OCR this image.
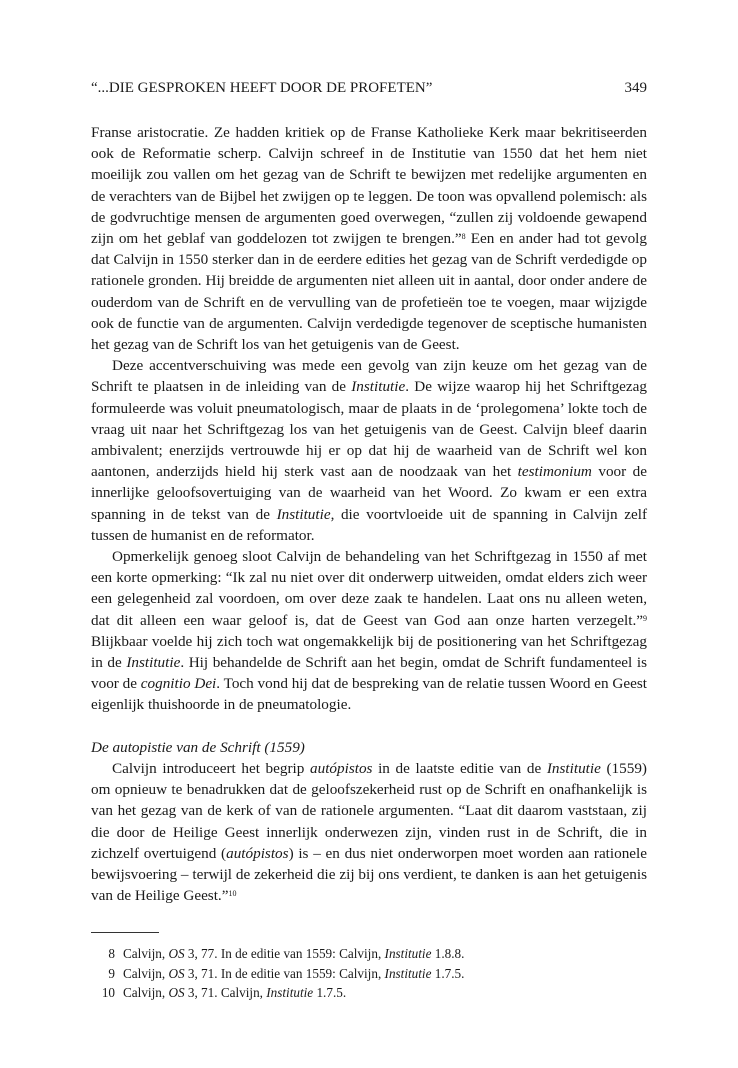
“...DIE GESPROKEN HEEFT DOOR DE PROFETEN”	349

Franse aristocratie. Ze hadden kritiek op de Franse Katholieke Kerk maar bekritiseerden ook de Reformatie scherp. Calvijn schreef in de Institutie van 1550 dat het hem niet moeilijk zou vallen om het gezag van de Schrift te bewijzen met redelijke argumenten en de verachters van de Bijbel het zwijgen op te leggen. De toon was opvallend polemisch: als de godvruchtige mensen de argumenten goed overwegen, “zullen zij voldoende gewapend zijn om het geblaf van goddelozen tot zwijgen te brengen.”$^8$ Een en ander had tot gevolg dat Calvijn in 1550 sterker dan in de eerdere edities het gezag van de Schrift verdedigde op rationele gronden. Hij breidde de argumenten niet alleen uit in aantal, door onder andere de ouderdom van de Schrift en de vervulling van de profetieën toe te voegen, maar wijzigde ook de functie van de argumenten. Calvijn verdedigde tegenover de sceptische humanisten het gezag van de Schrift los van het getuigenis van de Geest.

Deze accentverschuiving was mede een gevolg van zijn keuze om het gezag van de Schrift te plaatsen in de inleiding van de Institutie. De wijze waarop hij het Schriftgezag formuleerde was voluit pneumatologisch, maar de plaats in de ‘prolegomena’ lokte toch de vraag uit naar het Schriftgezag los van het getuigenis van de Geest. Calvijn bleef daarin ambivalent; enerzijds vertrouwde hij er op dat hij de waarheid van de Schrift wel kon aantonen, anderzijds hield hij sterk vast aan de noodzaak van het testimonium voor de innerlijke geloofsovertuiging van de waarheid van het Woord. Zo kwam er een extra spanning in de tekst van de Institutie, die voortvloeide uit de spanning in Calvijn zelf tussen de humanist en de reformator.

Opmerkelijk genoeg sloot Calvijn de behandeling van het Schriftgezag in 1550 af met een korte opmerking: “Ik zal nu niet over dit onderwerp uitweiden, omdat elders zich weer een gelegenheid zal voordoen, om over deze zaak te handelen. Laat ons nu alleen weten, dat dit alleen een waar geloof is, dat de Geest van God aan onze harten verzegelt.”$^9$ Blijkbaar voelde hij zich toch wat ongemakkelijk bij de positionering van het Schriftgezag in de Institutie. Hij behandelde de Schrift aan het begin, omdat de Schrift fundamenteel is voor de cognitio Dei. Toch vond hij dat de bespreking van de relatie tussen Woord en Geest eigenlijk thuishoorde in de pneumatologie.

De autopistie van de Schrift (1559)

Calvijn introduceert het begrip autópistos in de laatste editie van de Institutie (1559) om opnieuw te benadrukken dat de geloofszekerheid rust op de Schrift en onafhankelijk is van het gezag van de kerk of van de rationele argumenten. “Laat dit daarom vaststaan, zij die door de Heilige Geest innerlijk onderwezen zijn, vinden rust in de Schrift, die in zichzelf overtuigend (autópistos) is – en dus niet onderworpen moet worden aan rationele bewijsvoering – terwijl de zekerheid die zij bij ons verdient, te danken is aan het getuigenis van de Heilige Geest.”$^{10}$

8 Calvijn, OS 3, 77. In de editie van 1559: Calvijn, Institutie 1.8.8.
9 Calvijn, OS 3, 71. In de editie van 1559: Calvijn, Institutie 1.7.5.
10 Calvijn, OS 3, 71. Calvijn, Institutie 1.7.5.
